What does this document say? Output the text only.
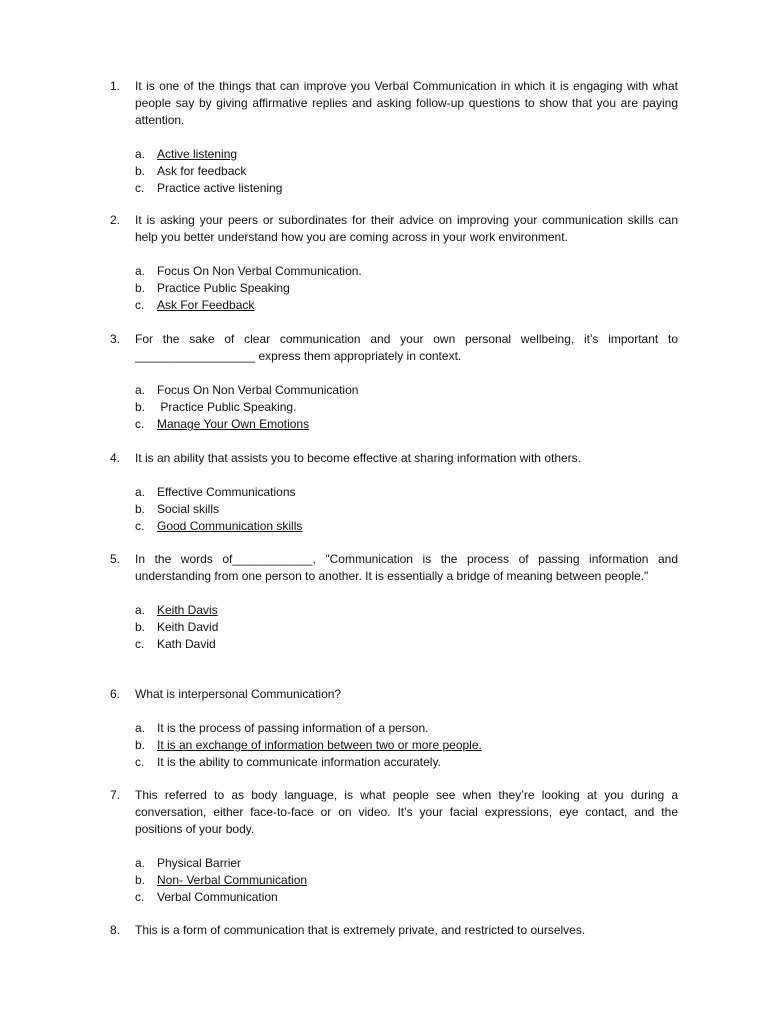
1.	It is one of the things that can improve you Verbal Communication in which it is engaging with what people say by giving affirmative replies and asking follow-up questions to show that you are paying attention.
a. Active listening
b. Ask for feedback
c.	Practice active listening
2.	It is asking your peers or subordinates for their advice on improving your communication skills can help you better understand how you are coming across in your work environment.
a. Focus On Non Verbal Communication.
b. Practice Public Speaking
c.	Ask For Feedback
3.	For the sake of clear communication and your own personal wellbeing, it’s important to __________________ express them appropriately in context.
a. Focus On Non Verbal Communication
b. Practice Public Speaking.
c.	Manage Your Own Emotions
4.	It is an ability that assists you to become effective at sharing information with others.
a. Effective Communications
b. Social skills
c.	Good Communication skills
5.	In the words of____________, "Communication is the process of passing information and understanding from one person to another. It is essentially a bridge of meaning between people."
a. Keith Davis
b. Keith David
c.	Kath David
6.	What is interpersonal Communication?
a. It is the process of passing information of a person.
b. It is an exchange of information between two or more people.
c.	It is the ability to communicate information accurately.
7.	This referred to as body language, is what people see when they’re looking at you during a conversation, either face-to-face or on video. It’s your facial expressions, eye contact, and the positions of your body.
a. Physical Barrier
b. Non- Verbal Communication
c.	Verbal Communication
8.	This is a form of communication that is extremely private, and restricted to ourselves.
